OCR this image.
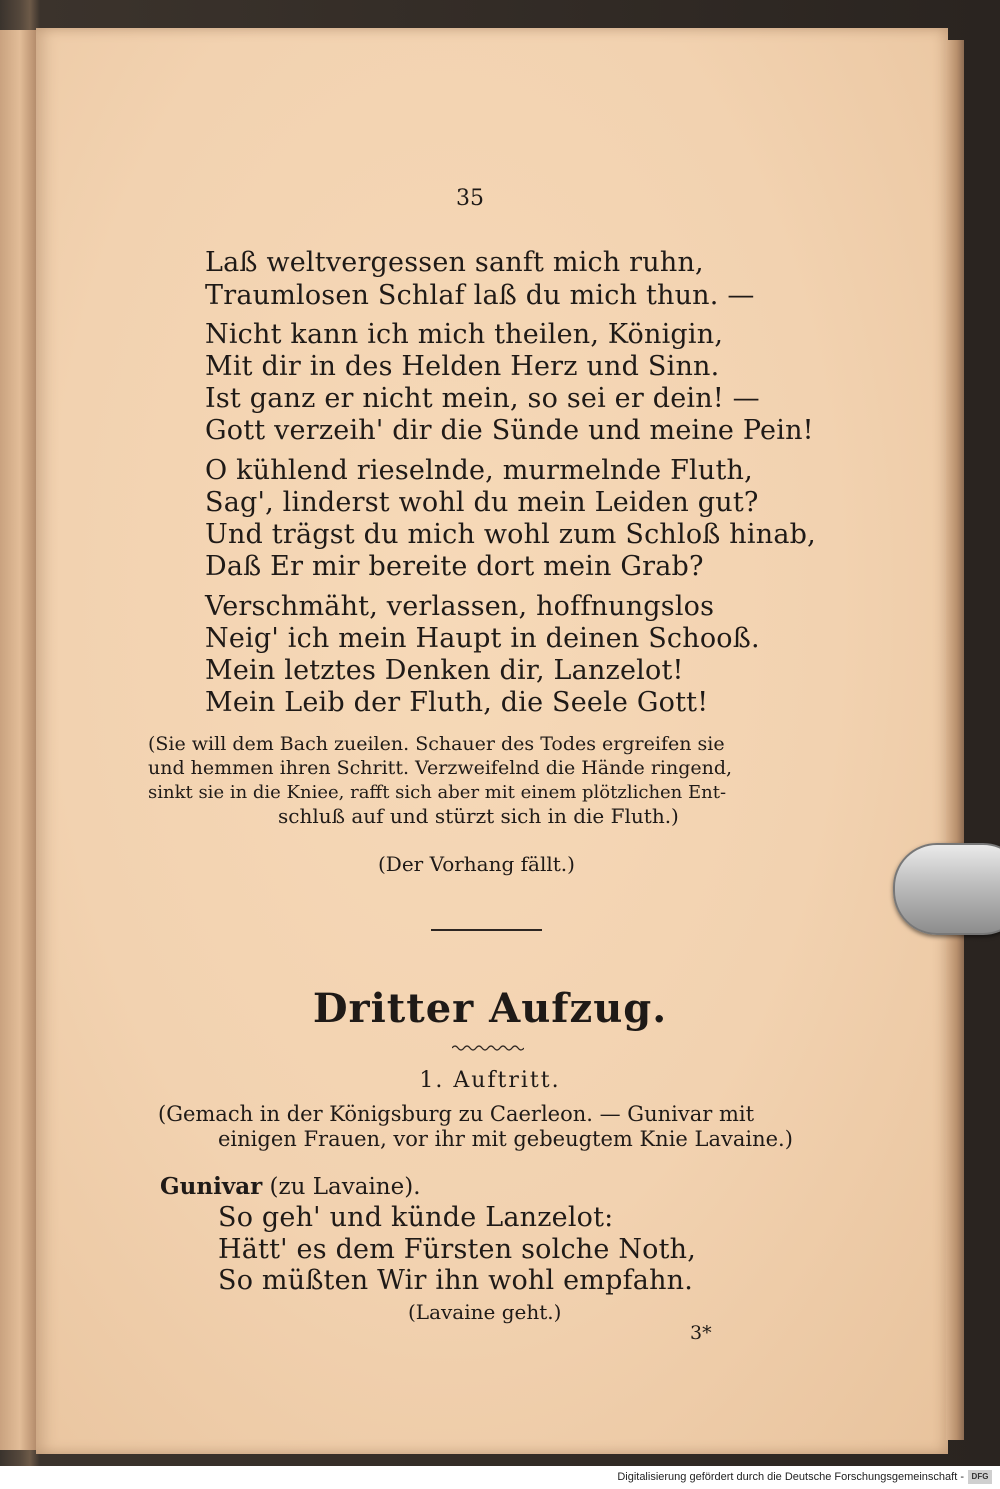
35
Laß weltvergessen sanft mich ruhn,
Traumlosen Schlaf laß du mich thun. —
Nicht kann ich mich theilen, Königin,
Mit dir in des Helden Herz und Sinn.
Ist ganz er nicht mein, so sei er dein! —
Gott verzeih' dir die Sünde und meine Pein!
O kühlend rieselnde, murmelnde Fluth,
Sag', linderst wohl du mein Leiden gut?
Und trägst du mich wohl zum Schloß hinab,
Daß Er mir bereite dort mein Grab?
Verschmäht, verlassen, hoffnungslos
Neig' ich mein Haupt in deinen Schooß.
Mein letztes Denken dir, Lanzelot!
Mein Leib der Fluth, die Seele Gott!
(Sie will dem Bach zueilen. Schauer des Todes ergreifen sie
und hemmen ihren Schritt. Verzweifelnd die Hände ringend,
sinkt sie in die Kniee, rafft sich aber mit einem plötzlichen Ent-
schluß auf und stürzt sich in die Fluth.)
(Der Vorhang fällt.)
Dritter Aufzug.
1. Auftritt.
(Gemach in der Königsburg zu Caerleon. — Gunivar mit
einigen Frauen, vor ihr mit gebeugtem Knie Lavaine.)
Gunivar (zu Lavaine).
So geh' und künde Lanzelot:
Hätt' es dem Fürsten solche Noth,
So müßten Wir ihn wohl empfahn.
(Lavaine geht.)
3*
Digitalisierung gefördert durch die Deutsche Forschungsgemeinschaft - DFG
